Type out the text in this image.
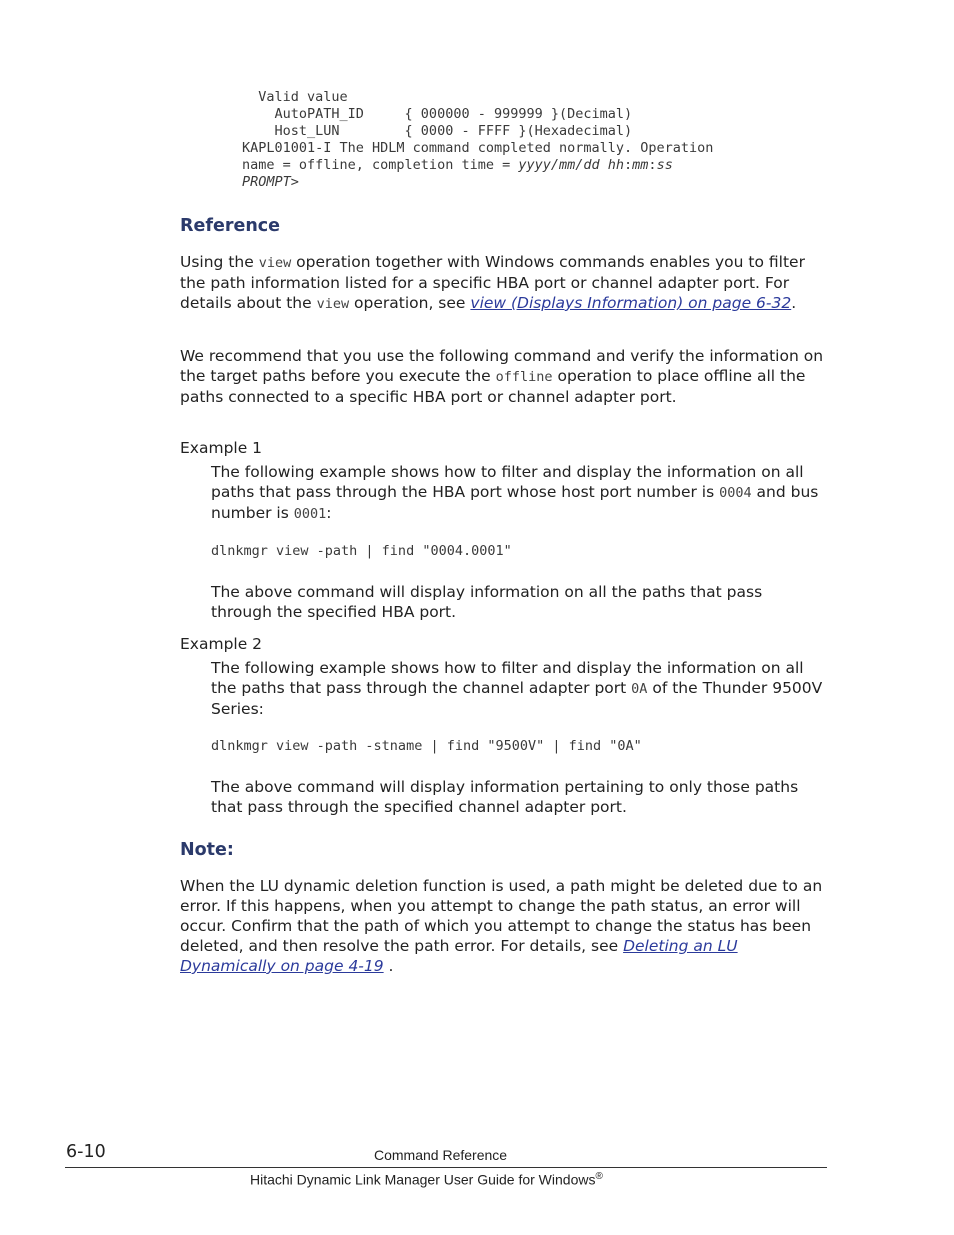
Valid value
AutoPATH_ID     { 000000 - 999999 }(Decimal)
Host_LUN        { 0000 - FFFF }(Hexadecimal)
KAPL01001-I The HDLM command completed normally. Operation
name = offline, completion time = yyyy/mm/dd hh:mm:ss
PROMPT>
Reference

Using the view operation together with Windows commands enables you to filter the path information listed for a specific HBA port or channel adapter port. For details about the view operation, see view (Displays Information) on page 6-32.

We recommend that you use the following command and verify the information on the target paths before you execute the offline operation to place offline all the paths connected to a specific HBA port or channel adapter port.

Example 1

The following example shows how to filter and display the information on all paths that pass through the HBA port whose host port number is 0004 and bus number is 0001:

dlnkmgr view -path | find "0004.0001"

The above command will display information on all the paths that pass through the specified HBA port.

Example 2

The following example shows how to filter and display the information on all the paths that pass through the channel adapter port 0A of the Thunder 9500V Series:

dlnkmgr view -path -stname | find "9500V" | find "0A"

The above command will display information pertaining to only those paths that pass through the specified channel adapter port.

Note:

When the LU dynamic deletion function is used, a path might be deleted due to an error. If this happens, when you attempt to change the path status, an error will occur. Confirm that the path of which you attempt to change the status has been deleted, and then resolve the path error. For details, see Deleting an LU Dynamically on page 4-19 .

6-10	Command Reference
Hitachi Dynamic Link Manager User Guide for Windows®
